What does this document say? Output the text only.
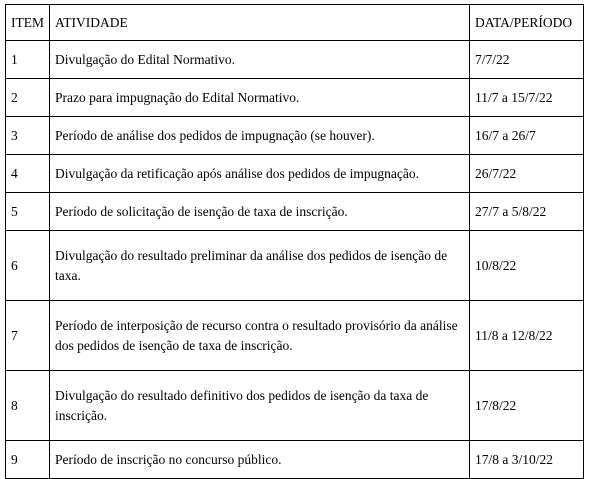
ITEM	ATIVIDADE	DATA/PERÍODO
1	Divulgação do Edital Normativo.	7/7/22
2	Prazo para impugnação do Edital Normativo.	11/7 a 15/7/22
3	Período de análise dos pedidos de impugnação (se houver).	16/7 a 26/7
4	Divulgação da retificação após análise dos pedidos de impugnação.	26/7/22
5	Período de solicitação de isenção de taxa de inscrição.	27/7 a 5/8/22
6	Divulgação do resultado preliminar da análise dos pedidos de isenção de taxa.	10/8/22
7	Período de interposição de recurso contra o resultado provisório da análise dos pedidos de isenção de taxa de inscrição.	11/8 a 12/8/22
8	Divulgação do resultado definitivo dos pedidos de isenção da taxa de inscrição.	17/8/22
9	Período de inscrição no concurso público.	17/8 a 3/10/22
